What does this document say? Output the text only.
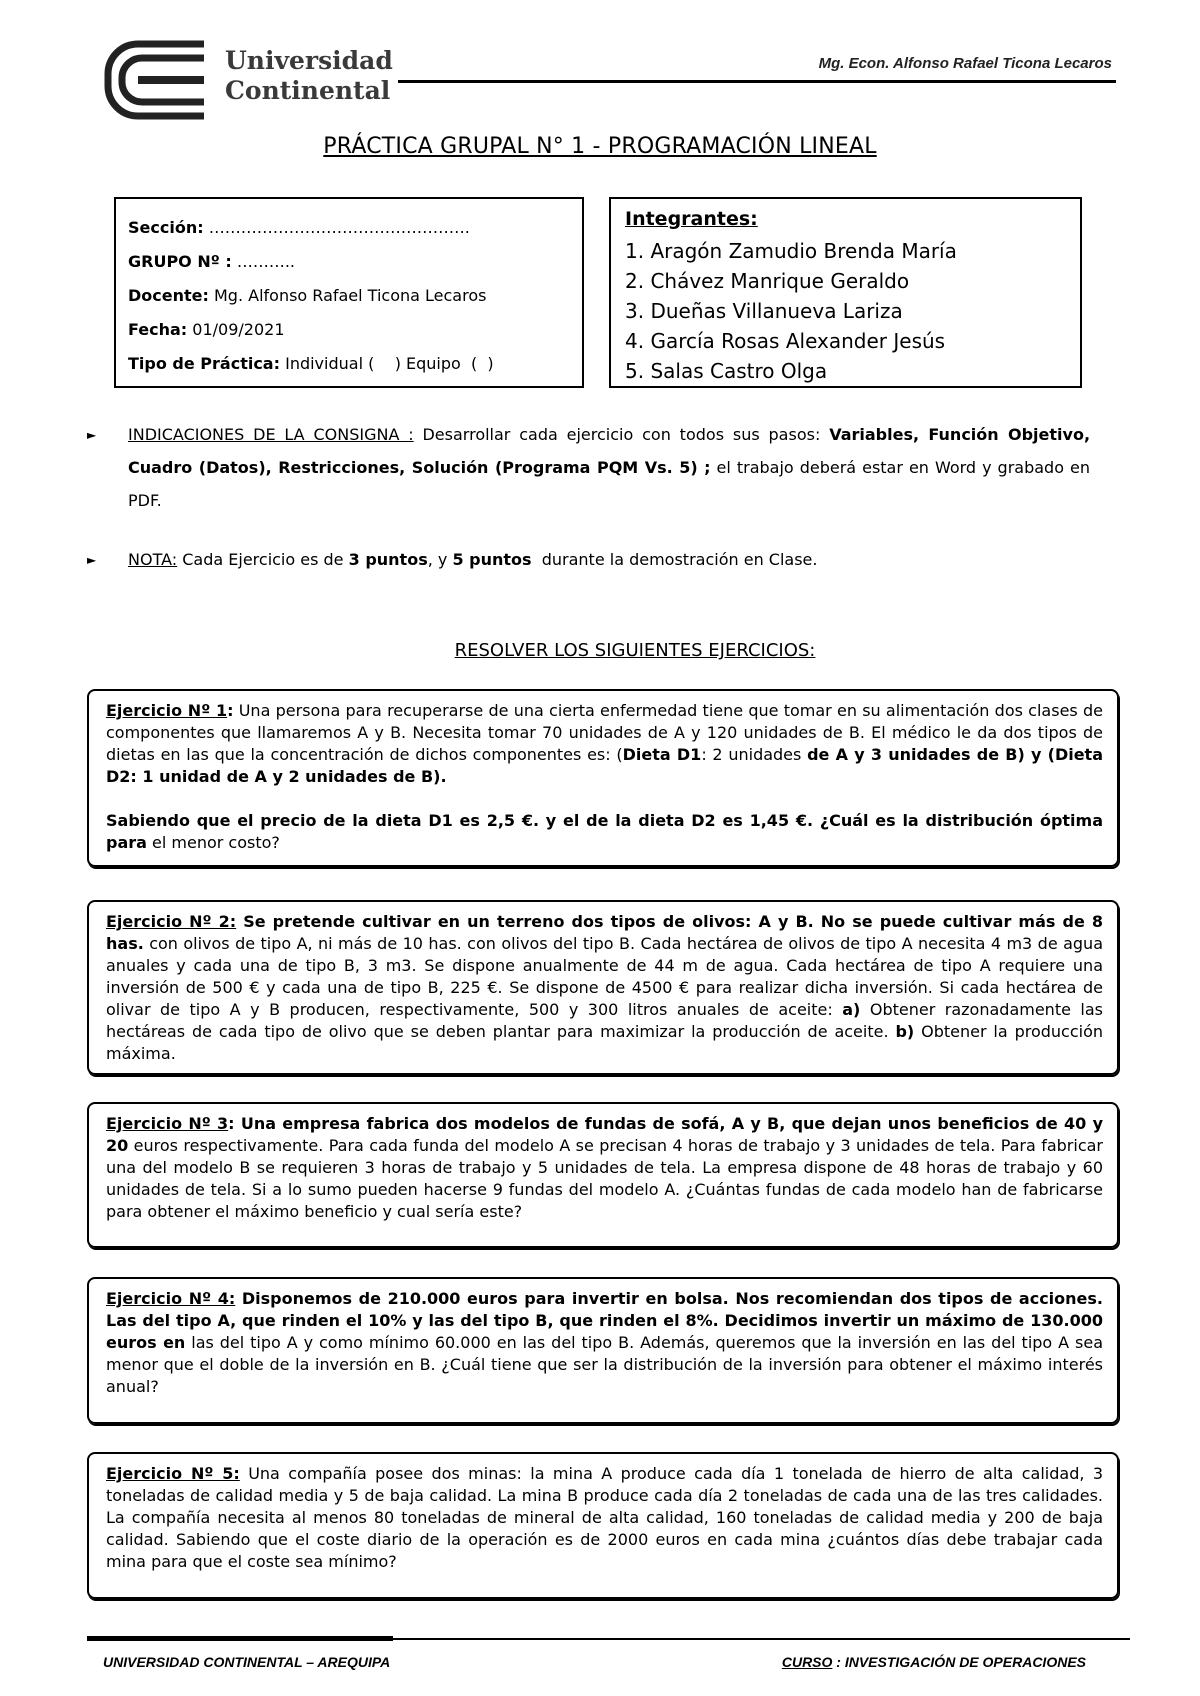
Universidad
Continental
Mg. Econ. Alfonso Rafael Ticona Lecaros
PRÁCTICA GRUPAL N° 1 - PROGRAMACIÓN LINEAL
Sección: ………………………………………….
GRUPO Nº : ………..
Docente: Mg. Alfonso Rafael Ticona Lecaros
Fecha: 01/09/2021
Tipo de Práctica: Individual (    ) Equipo  (  )
Integrantes:
1. Aragón Zamudio Brenda María
2. Chávez Manrique Geraldo
3. Dueñas Villanueva Lariza
4. García Rosas Alexander Jesús
5. Salas Castro Olga
► INDICACIONES DE LA CONSIGNA : Desarrollar cada ejercicio con todos sus pasos: Variables, Función Objetivo, Cuadro (Datos), Restricciones, Solución (Programa PQM Vs. 5) ; el trabajo deberá estar en Word y grabado en PDF.
► NOTA: Cada Ejercicio es de 3 puntos, y 5 puntos  durante la demostración en Clase.
RESOLVER LOS SIGUIENTES EJERCICIOS:
Ejercicio Nº 1: Una persona para recuperarse de una cierta enfermedad tiene que tomar en su alimentación dos clases de componentes que llamaremos A y B. Necesita tomar 70 unidades de A y 120 unidades de B. El médico le da dos tipos de dietas en las que la concentración de dichos componentes es: (Dieta D1: 2 unidades de A y 3 unidades de B) y (Dieta D2: 1 unidad de A y 2 unidades de B).
Sabiendo que el precio de la dieta D1 es 2,5 €. y el de la dieta D2 es 1,45 €. ¿Cuál es la distribución óptima para el menor costo?
Ejercicio Nº 2: Se pretende cultivar en un terreno dos tipos de olivos: A y B. No se puede cultivar más de 8 has. con olivos de tipo A, ni más de 10 has. con olivos del tipo B. Cada hectárea de olivos de tipo A necesita 4 m3 de agua anuales y cada una de tipo B, 3 m3. Se dispone anualmente de 44 m de agua. Cada hectárea de tipo A requiere una inversión de 500 € y cada una de tipo B, 225 €. Se dispone de 4500 € para realizar dicha inversión. Si cada hectárea de olivar de tipo A y B producen, respectivamente, 500 y 300 litros anuales de aceite: a) Obtener razonadamente las hectáreas de cada tipo de olivo que se deben plantar para maximizar la producción de aceite. b) Obtener la producción máxima.
Ejercicio Nº 3: Una empresa fabrica dos modelos de fundas de sofá, A y B, que dejan unos beneficios de 40 y 20 euros respectivamente. Para cada funda del modelo A se precisan 4 horas de trabajo y 3 unidades de tela. Para fabricar una del modelo B se requieren 3 horas de trabajo y 5 unidades de tela. La empresa dispone de 48 horas de trabajo y 60 unidades de tela. Si a lo sumo pueden hacerse 9 fundas del modelo A. ¿Cuántas fundas de cada modelo han de fabricarse para obtener el máximo beneficio y cual sería este?
Ejercicio Nº 4: Disponemos de 210.000 euros para invertir en bolsa. Nos recomiendan dos tipos de acciones. Las del tipo A, que rinden el 10% y las del tipo B, que rinden el 8%. Decidimos invertir un máximo de 130.000 euros en las del tipo A y como mínimo 60.000 en las del tipo B. Además, queremos que la inversión en las del tipo A sea menor que el doble de la inversión en B. ¿Cuál tiene que ser la distribución de la inversión para obtener el máximo interés anual?
Ejercicio Nº 5: Una compañía posee dos minas: la mina A produce cada día 1 tonelada de hierro de alta calidad, 3 toneladas de calidad media y 5 de baja calidad. La mina B produce cada día 2 toneladas de cada una de las tres calidades. La compañía necesita al menos 80 toneladas de mineral de alta calidad, 160 toneladas de calidad media y 200 de baja calidad. Sabiendo que el coste diario de la operación es de 2000 euros en cada mina ¿cuántos días debe trabajar cada mina para que el coste sea mínimo?
UNIVERSIDAD CONTINENTAL – AREQUIPA	CURSO : INVESTIGACIÓN DE OPERACIONES
